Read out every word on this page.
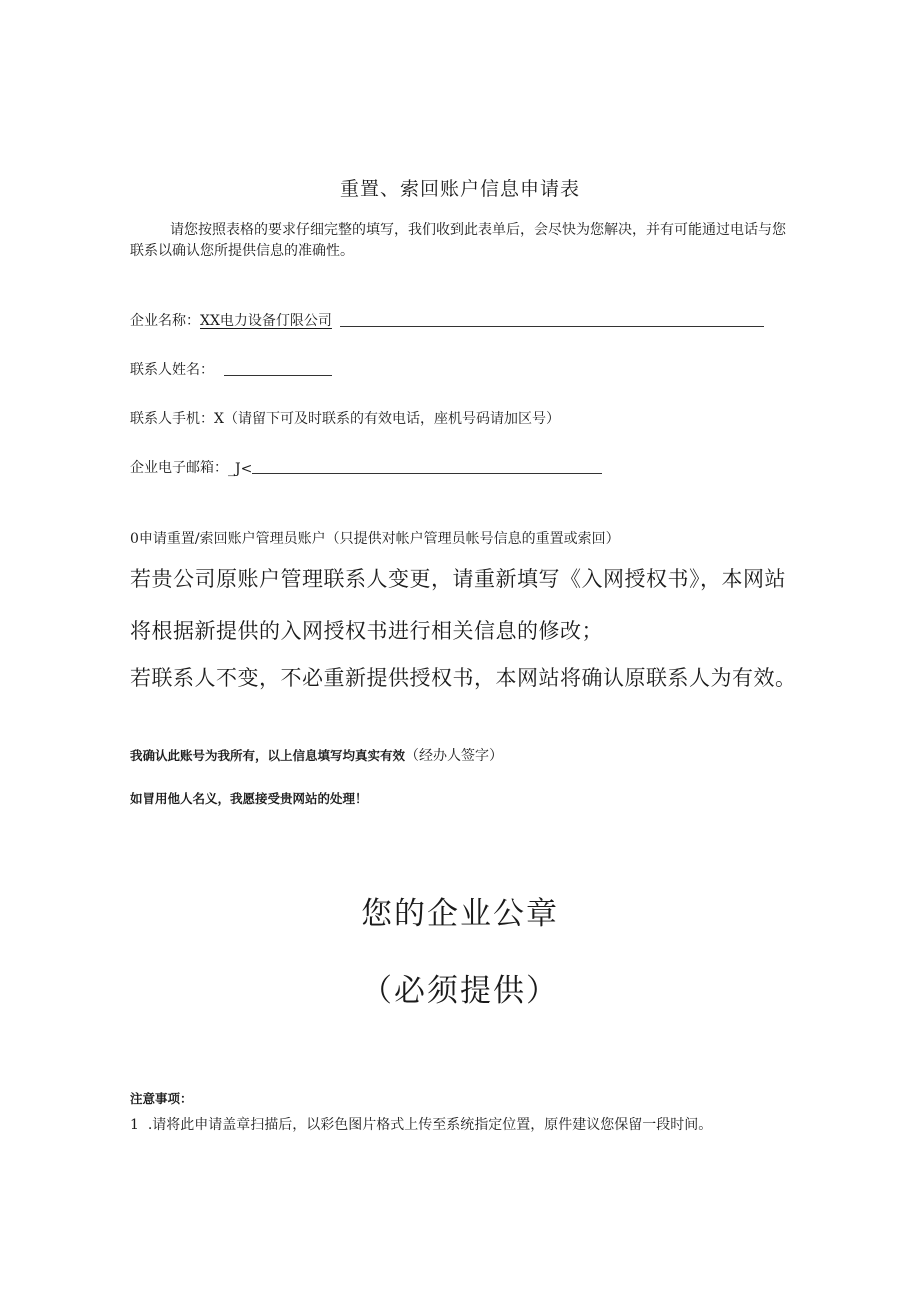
重置、索回账户信息申请表
请您按照表格的要求仔细完整的填写，我们收到此表单后，会尽快为您解决，并有可能通过电话与您联系以确认您所提供信息的准确性。
企业名称： XX电力设备仃限公司
联系人姓名：
联系人手机： X（请留下可及时联系的有效电话，座机号码请加区号）
企业电子邮箱： _J<
0申请重置/索回账户管理员账户（只提供对帐户管理员帐号信息的重置或索回）
若贵公司原账户管理联系人变更，请重新填写《入网授权书》，本网站
将根据新提供的入网授权书进行相关信息的修改；
若联系人不变，不必重新提供授权书，本网站将确认原联系人为有效。
我确认此账号为我所有，以上信息填写均真实有效（经办人签字）
如冒用他人名义，我愿接受贵网站的处理！
您的企业公章
（必须提供）
注意事项：
1 .请将此申请盖章扫描后，以彩色图片格式上传至系统指定位置，原件建议您保留一段时间。
